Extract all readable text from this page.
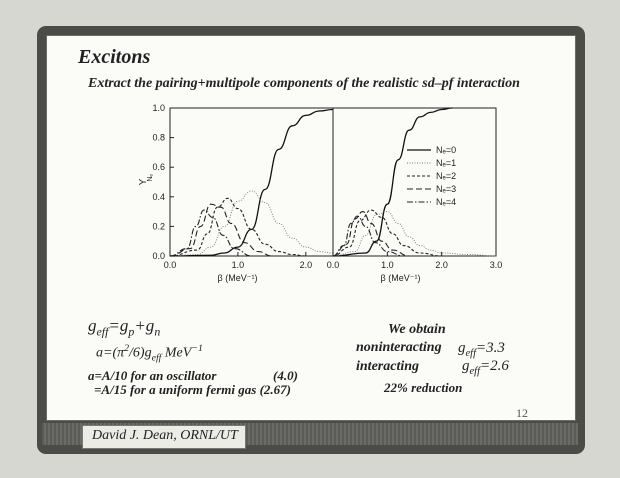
Excitons
Extract the pairing+multipole components of the realistic sd–pf interaction
0.0	1.0	2.0
0.0
0.2
0.4
0.6
0.8
1.0
β (MeV⁻¹)
Y
Nₑ
0.0	1.0	2.0	3.0
β (MeV⁻¹)
Nₑ=0
Nₑ=1
Nₑ=2
Nₑ=3
Nₑ=4
$g_{eff}=g_p+g_n$
$a=(\pi^2/6)g_{eff}$ MeV$^{-1}$
a=A/10 for an oscillator	(4.0)
=A/15 for a uniform fermi gas (2.67)
We obtain
noninteracting $g_{eff}=3.3$
interacting	$g_{eff}=2.6$
22% reduction
12
David J. Dean, ORNL/UT
